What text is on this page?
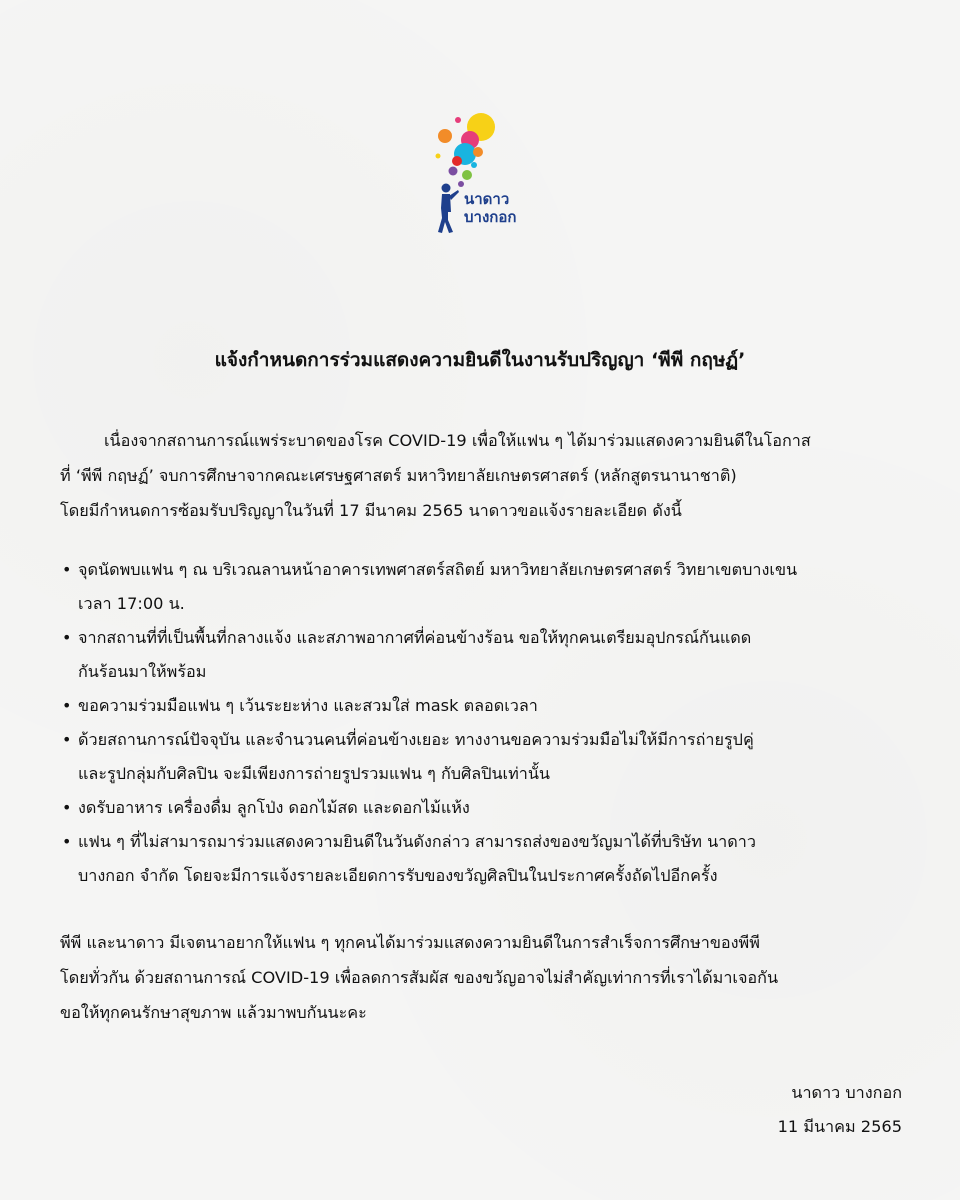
นาดาว
บางกอก
แจ้งกำหนดการร่วมแสดงความยินดีในงานรับปริญญา ‘พีพี กฤษฏ์’
เนื่องจากสถานการณ์แพร่ระบาดของโรค COVID-19 เพื่อให้แฟน ๆ ได้มาร่วมแสดงความยินดีในโอกาส
ที่ ‘พีพี กฤษฏ์’ จบการศึกษาจากคณะเศรษฐศาสตร์ มหาวิทยาลัยเกษตรศาสตร์ (หลักสูตรนานาชาติ)
โดยมีกำหนดการซ้อมรับปริญญาในวันที่ 17 มีนาคม 2565 นาดาวขอแจ้งรายละเอียด ดังนี้
• จุดนัดพบแฟน ๆ ณ บริเวณลานหน้าอาคารเทพศาสตร์สถิตย์ มหาวิทยาลัยเกษตรศาสตร์ วิทยาเขตบางเขน
เวลา 17:00 น.
• จากสถานที่ที่เป็นพื้นที่กลางแจ้ง และสภาพอากาศที่ค่อนข้างร้อน ขอให้ทุกคนเตรียมอุปกรณ์กันแดด
กันร้อนมาให้พร้อม
• ขอความร่วมมือแฟน ๆ เว้นระยะห่าง และสวมใส่ mask ตลอดเวลา
• ด้วยสถานการณ์ปัจจุบัน และจำนวนคนที่ค่อนข้างเยอะ ทางงานขอความร่วมมือไม่ให้มีการถ่ายรูปคู่
และรูปกลุ่มกับศิลปิน จะมีเพียงการถ่ายรูปรวมแฟน ๆ กับศิลปินเท่านั้น
• งดรับอาหาร เครื่องดื่ม ลูกโป่ง ดอกไม้สด และดอกไม้แห้ง
• แฟน ๆ ที่ไม่สามารถมาร่วมแสดงความยินดีในวันดังกล่าว สามารถส่งของขวัญมาได้ที่บริษัท นาดาว
บางกอก จำกัด โดยจะมีการแจ้งรายละเอียดการรับของขวัญศิลปินในประกาศครั้งถัดไปอีกครั้ง
พีพี และนาดาว มีเจตนาอยากให้แฟน ๆ ทุกคนได้มาร่วมแสดงความยินดีในการสำเร็จการศึกษาของพีพี
โดยทั่วกัน ด้วยสถานการณ์ COVID-19 เพื่อลดการสัมผัส ของขวัญอาจไม่สำคัญเท่าการที่เราได้มาเจอกัน
ขอให้ทุกคนรักษาสุขภาพ แล้วมาพบกันนะคะ
นาดาว บางกอก
11 มีนาคม 2565
